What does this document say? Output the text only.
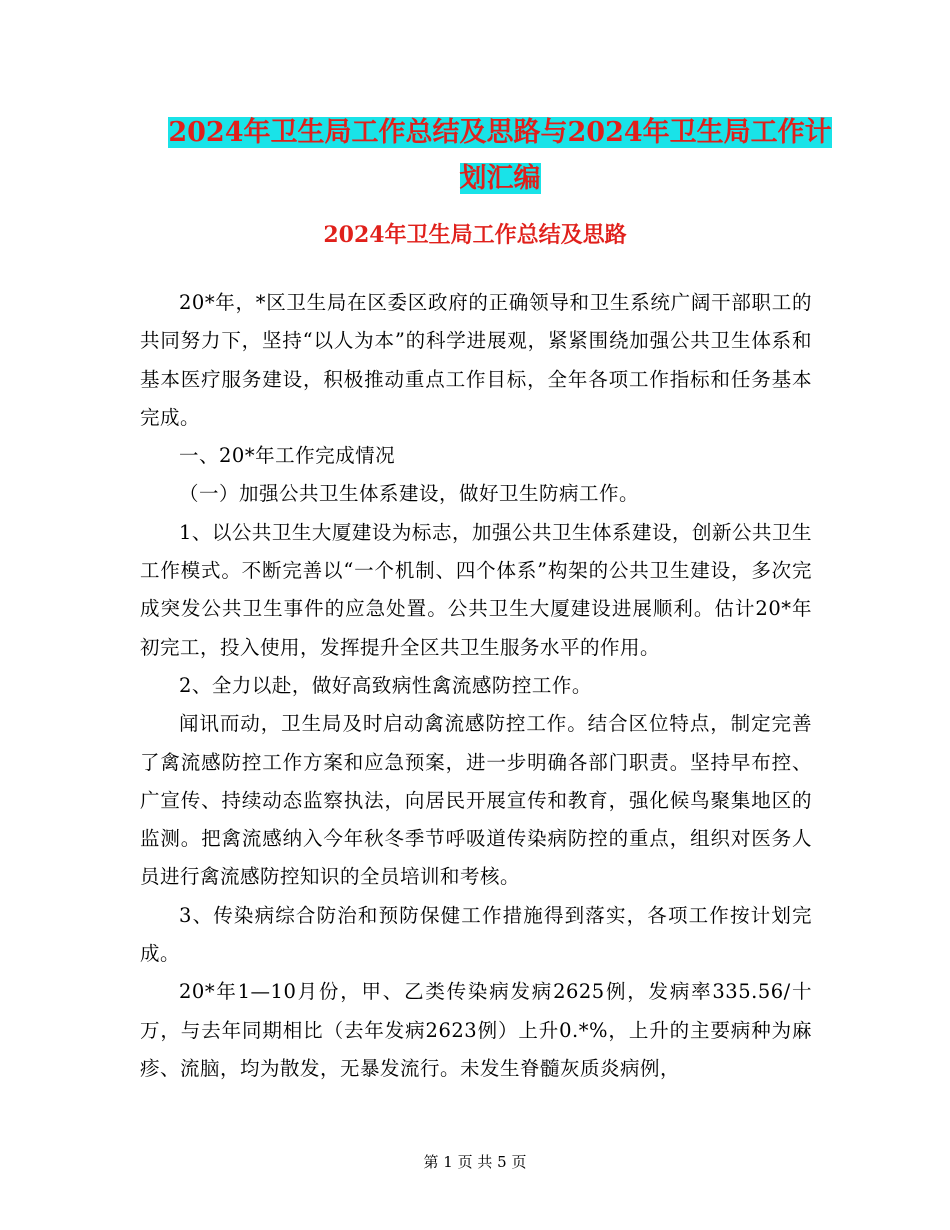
2024年卫生局工作总结及思路与2024年卫生局工作计
划汇编
2024年卫生局工作总结及思路

20*年，*区卫生局在区委区政府的正确领导和卫生系统广阔干部职工的共同努力下，坚持“以人为本”的科学进展观，紧紧围绕加强公共卫生体系和基本医疗服务建设，积极推动重点工作目标，全年各项工作指标和任务基本完成。

一、20*年工作完成情况

（一）加强公共卫生体系建设，做好卫生防病工作。

1、以公共卫生大厦建设为标志，加强公共卫生体系建设，创新公共卫生工作模式。不断完善以“一个机制、四个体系”构架的公共卫生建设，多次完成突发公共卫生事件的应急处置。公共卫生大厦建设进展顺利。估计20*年初完工，投入使用，发挥提升全区共卫生服务水平的作用。

2、全力以赴，做好高致病性禽流感防控工作。

闻讯而动，卫生局及时启动禽流感防控工作。结合区位特点，制定完善了禽流感防控工作方案和应急预案，进一步明确各部门职责。坚持早布控、广宣传、持续动态监察执法，向居民开展宣传和教育，强化候鸟聚集地区的监测。把禽流感纳入今年秋冬季节呼吸道传染病防控的重点，组织对医务人员进行禽流感防控知识的全员培训和考核。

3、传染病综合防治和预防保健工作措施得到落实，各项工作按计划完成。

20*年1—10月份，甲、乙类传染病发病2625例，发病率335.56/十万，与去年同期相比（去年发病2623例）上升0.*%，上升的主要病种为麻疹、流脑，均为散发，无暴发流行。未发生脊髓灰质炎病例，

第 1 页 共 5 页
